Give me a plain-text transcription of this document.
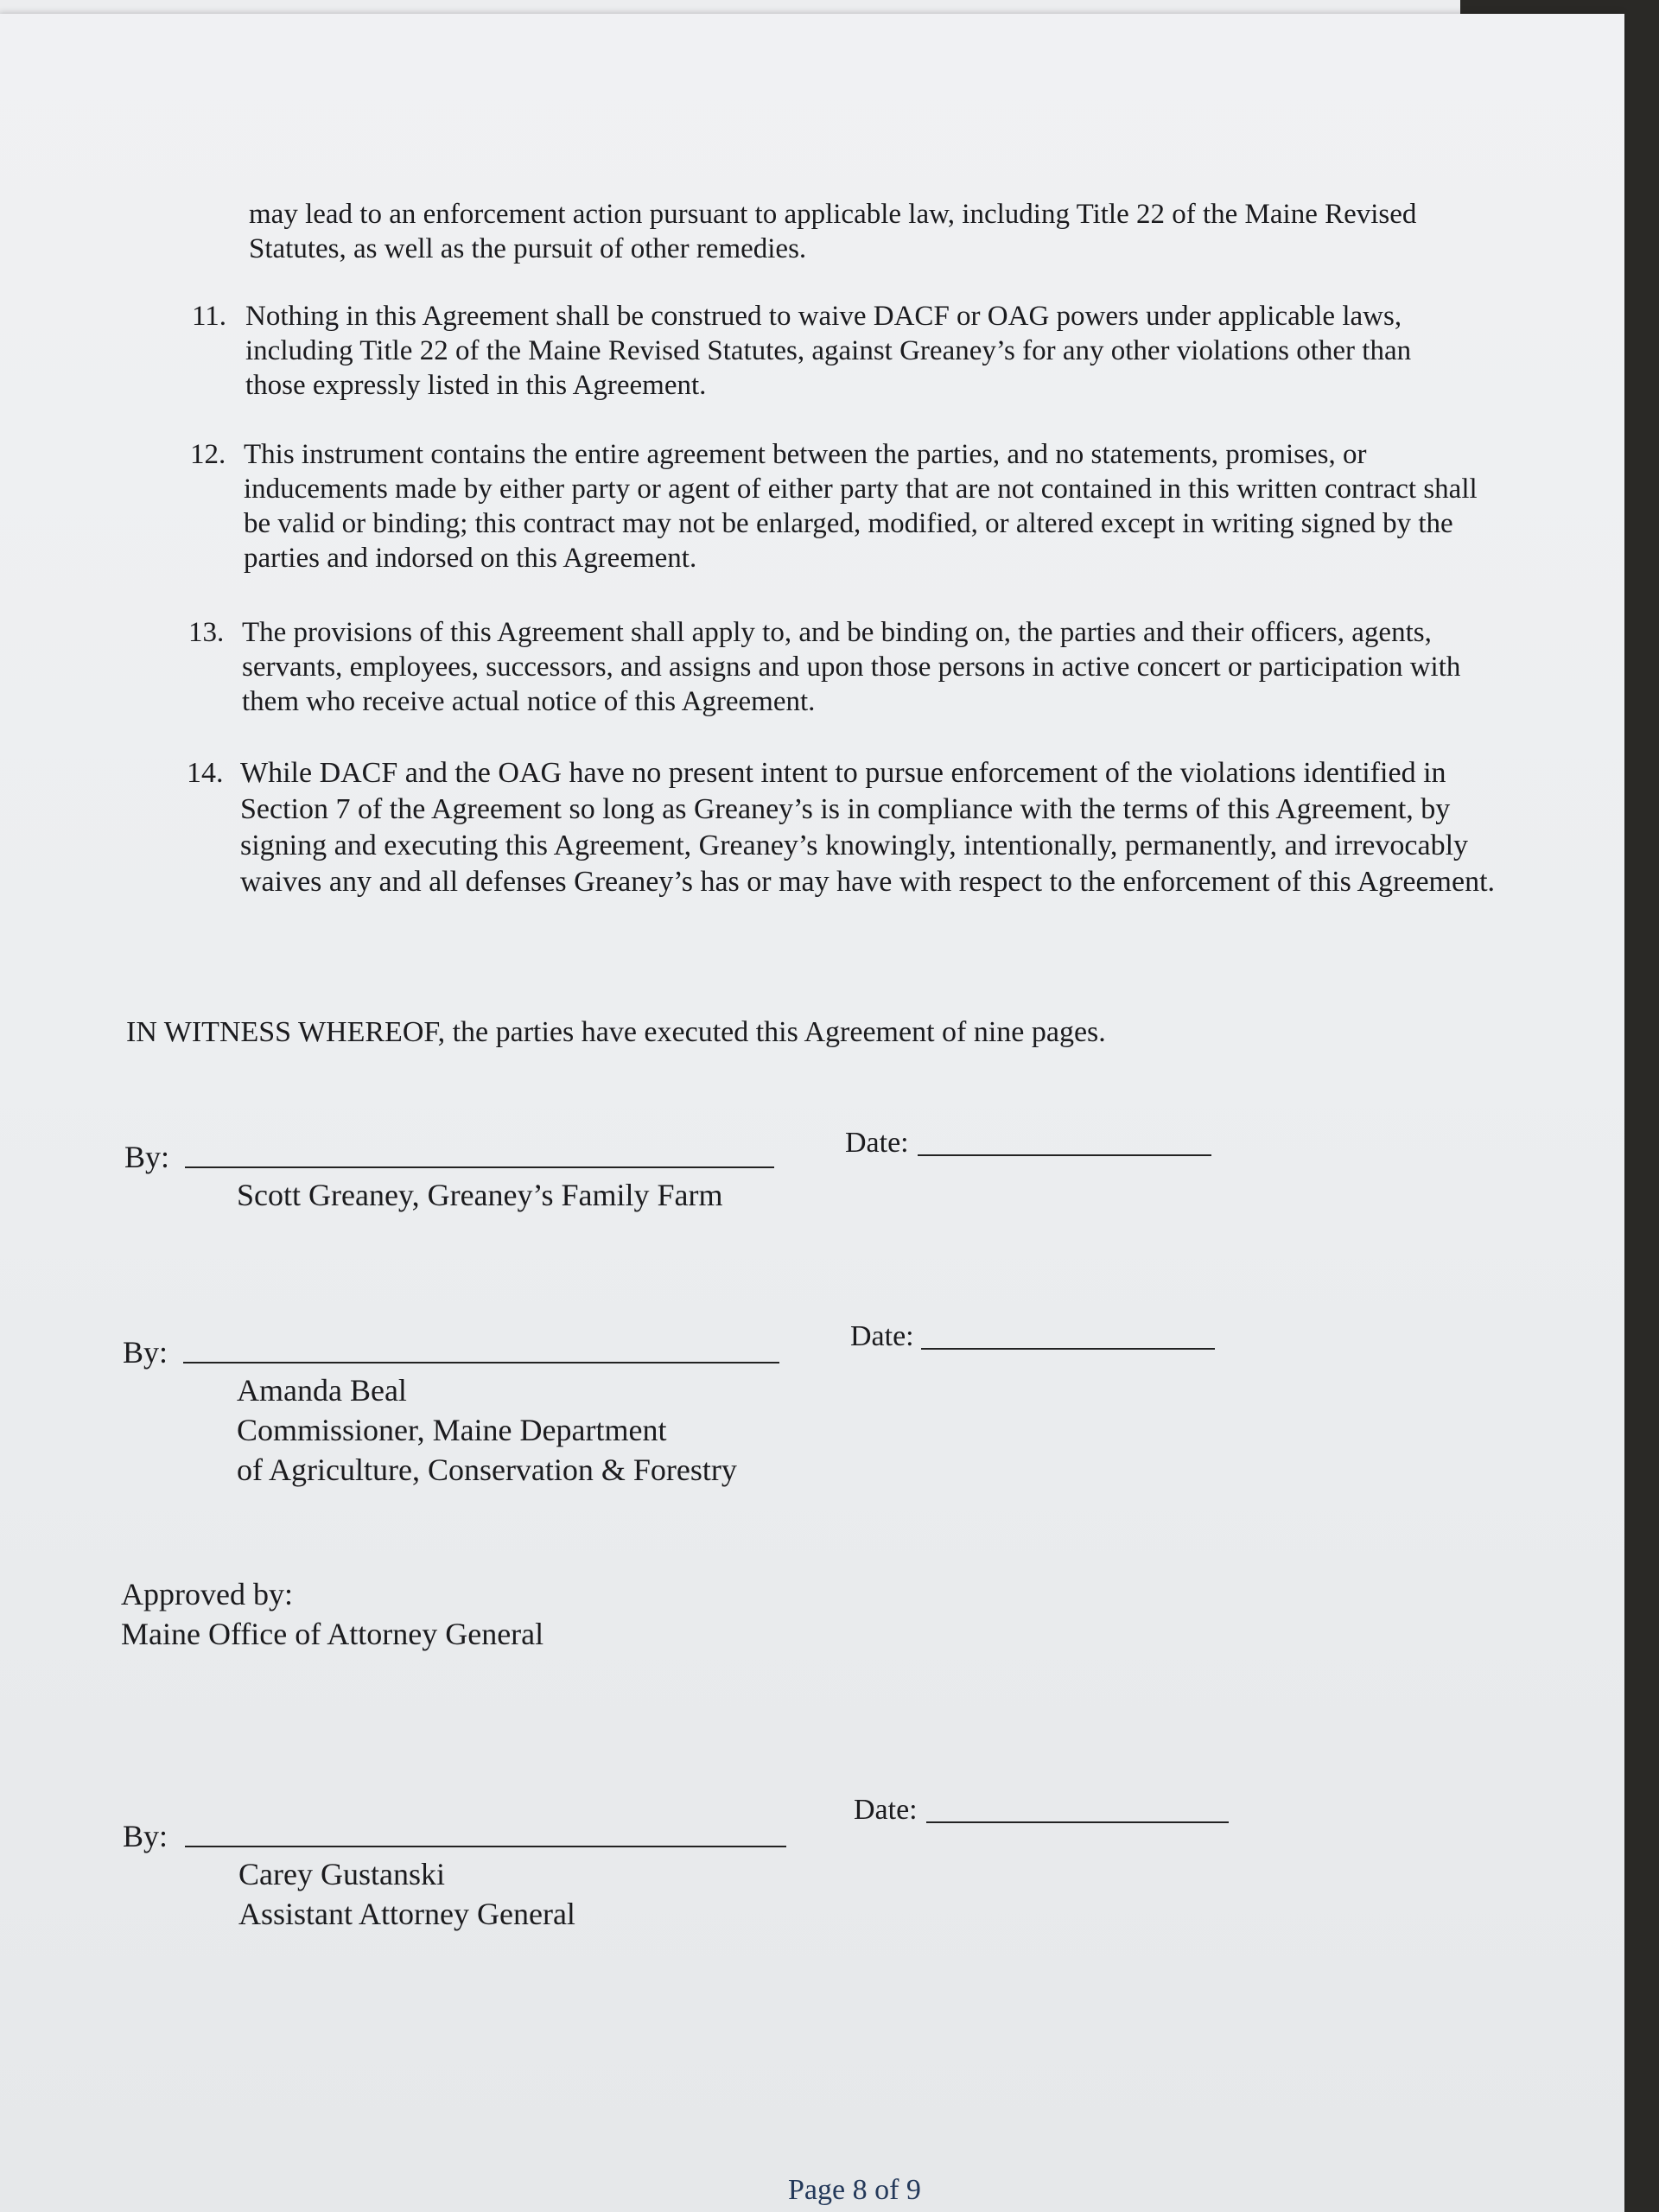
may lead to an enforcement action pursuant to applicable law, including Title 22 of the Maine Revised Statutes, as well as the pursuit of other remedies.

11. Nothing in this Agreement shall be construed to waive DACF or OAG powers under applicable laws, including Title 22 of the Maine Revised Statutes, against Greaney’s for any other violations other than those expressly listed in this Agreement.
12. This instrument contains the entire agreement between the parties, and no statements, promises, or inducements made by either party or agent of either party that are not contained in this written contract shall be valid or binding; this contract may not be enlarged, modified, or altered except in writing signed by the parties and indorsed on this Agreement.
13. The provisions of this Agreement shall apply to, and be binding on, the parties and their officers, agents, servants, employees, successors, and assigns and upon those persons in active concert or participation with them who receive actual notice of this Agreement.
14. While DACF and the OAG have no present intent to pursue enforcement of the violations identified in Section 7 of the Agreement so long as Greaney’s is in compliance with the terms of this Agreement, by signing and executing this Agreement, Greaney’s knowingly, intentionally, permanently, and irrevocably waives any and all defenses Greaney’s has or may have with respect to the enforcement of this Agreement.
IN WITNESS WHEREOF, the parties have executed this Agreement of nine pages.
By:	Date:
Scott Greaney, Greaney’s Family Farm
By:	Date:
Amanda Beal
Commissioner, Maine Department
of Agriculture, Conservation & Forestry
Approved by:
Maine Office of Attorney General
By:
Date:
Carey Gustanski
Assistant Attorney General
Page 8 of 9
